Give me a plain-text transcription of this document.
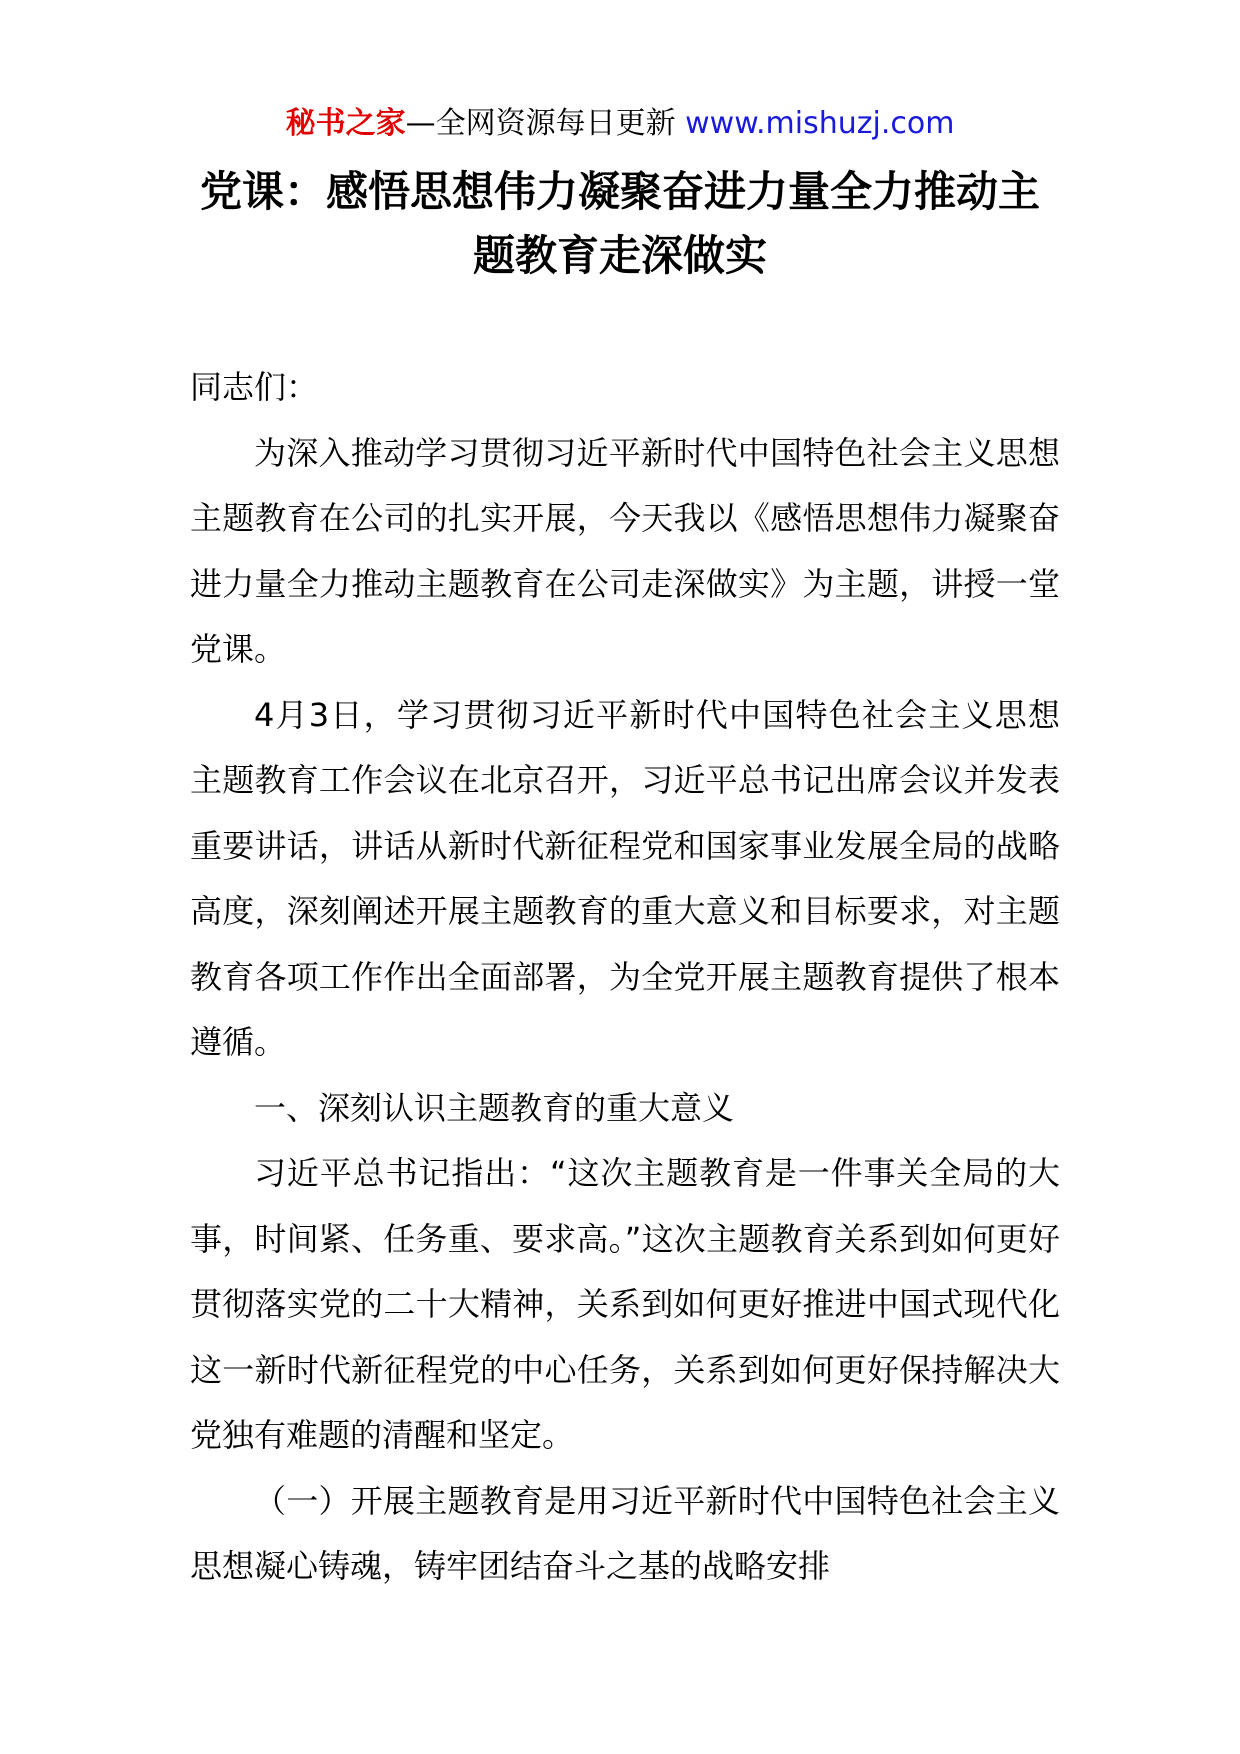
秘书之家—全网资源每日更新 www.mishuzj.com
党课：感悟思想伟力凝聚奋进力量全力推动主题教育走深做实

同志们：

为深入推动学习贯彻习近平新时代中国特色社会主义思想主题教育在公司的扎实开展，今天我以《感悟思想伟力凝聚奋进力量全力推动主题教育在公司走深做实》为主题，讲授一堂党课。

4月3日，学习贯彻习近平新时代中国特色社会主义思想主题教育工作会议在北京召开，习近平总书记出席会议并发表重要讲话，讲话从新时代新征程党和国家事业发展全局的战略高度，深刻阐述开展主题教育的重大意义和目标要求，对主题教育各项工作作出全面部署，为全党开展主题教育提供了根本遵循。

一、深刻认识主题教育的重大意义

习近平总书记指出：“这次主题教育是一件事关全局的大事，时间紧、任务重、要求高。”这次主题教育关系到如何更好贯彻落实党的二十大精神，关系到如何更好推进中国式现代化这一新时代新征程党的中心任务，关系到如何更好保持解决大党独有难题的清醒和坚定。

（一）开展主题教育是用习近平新时代中国特色社会主义思想凝心铸魂，铸牢团结奋斗之基的战略安排
